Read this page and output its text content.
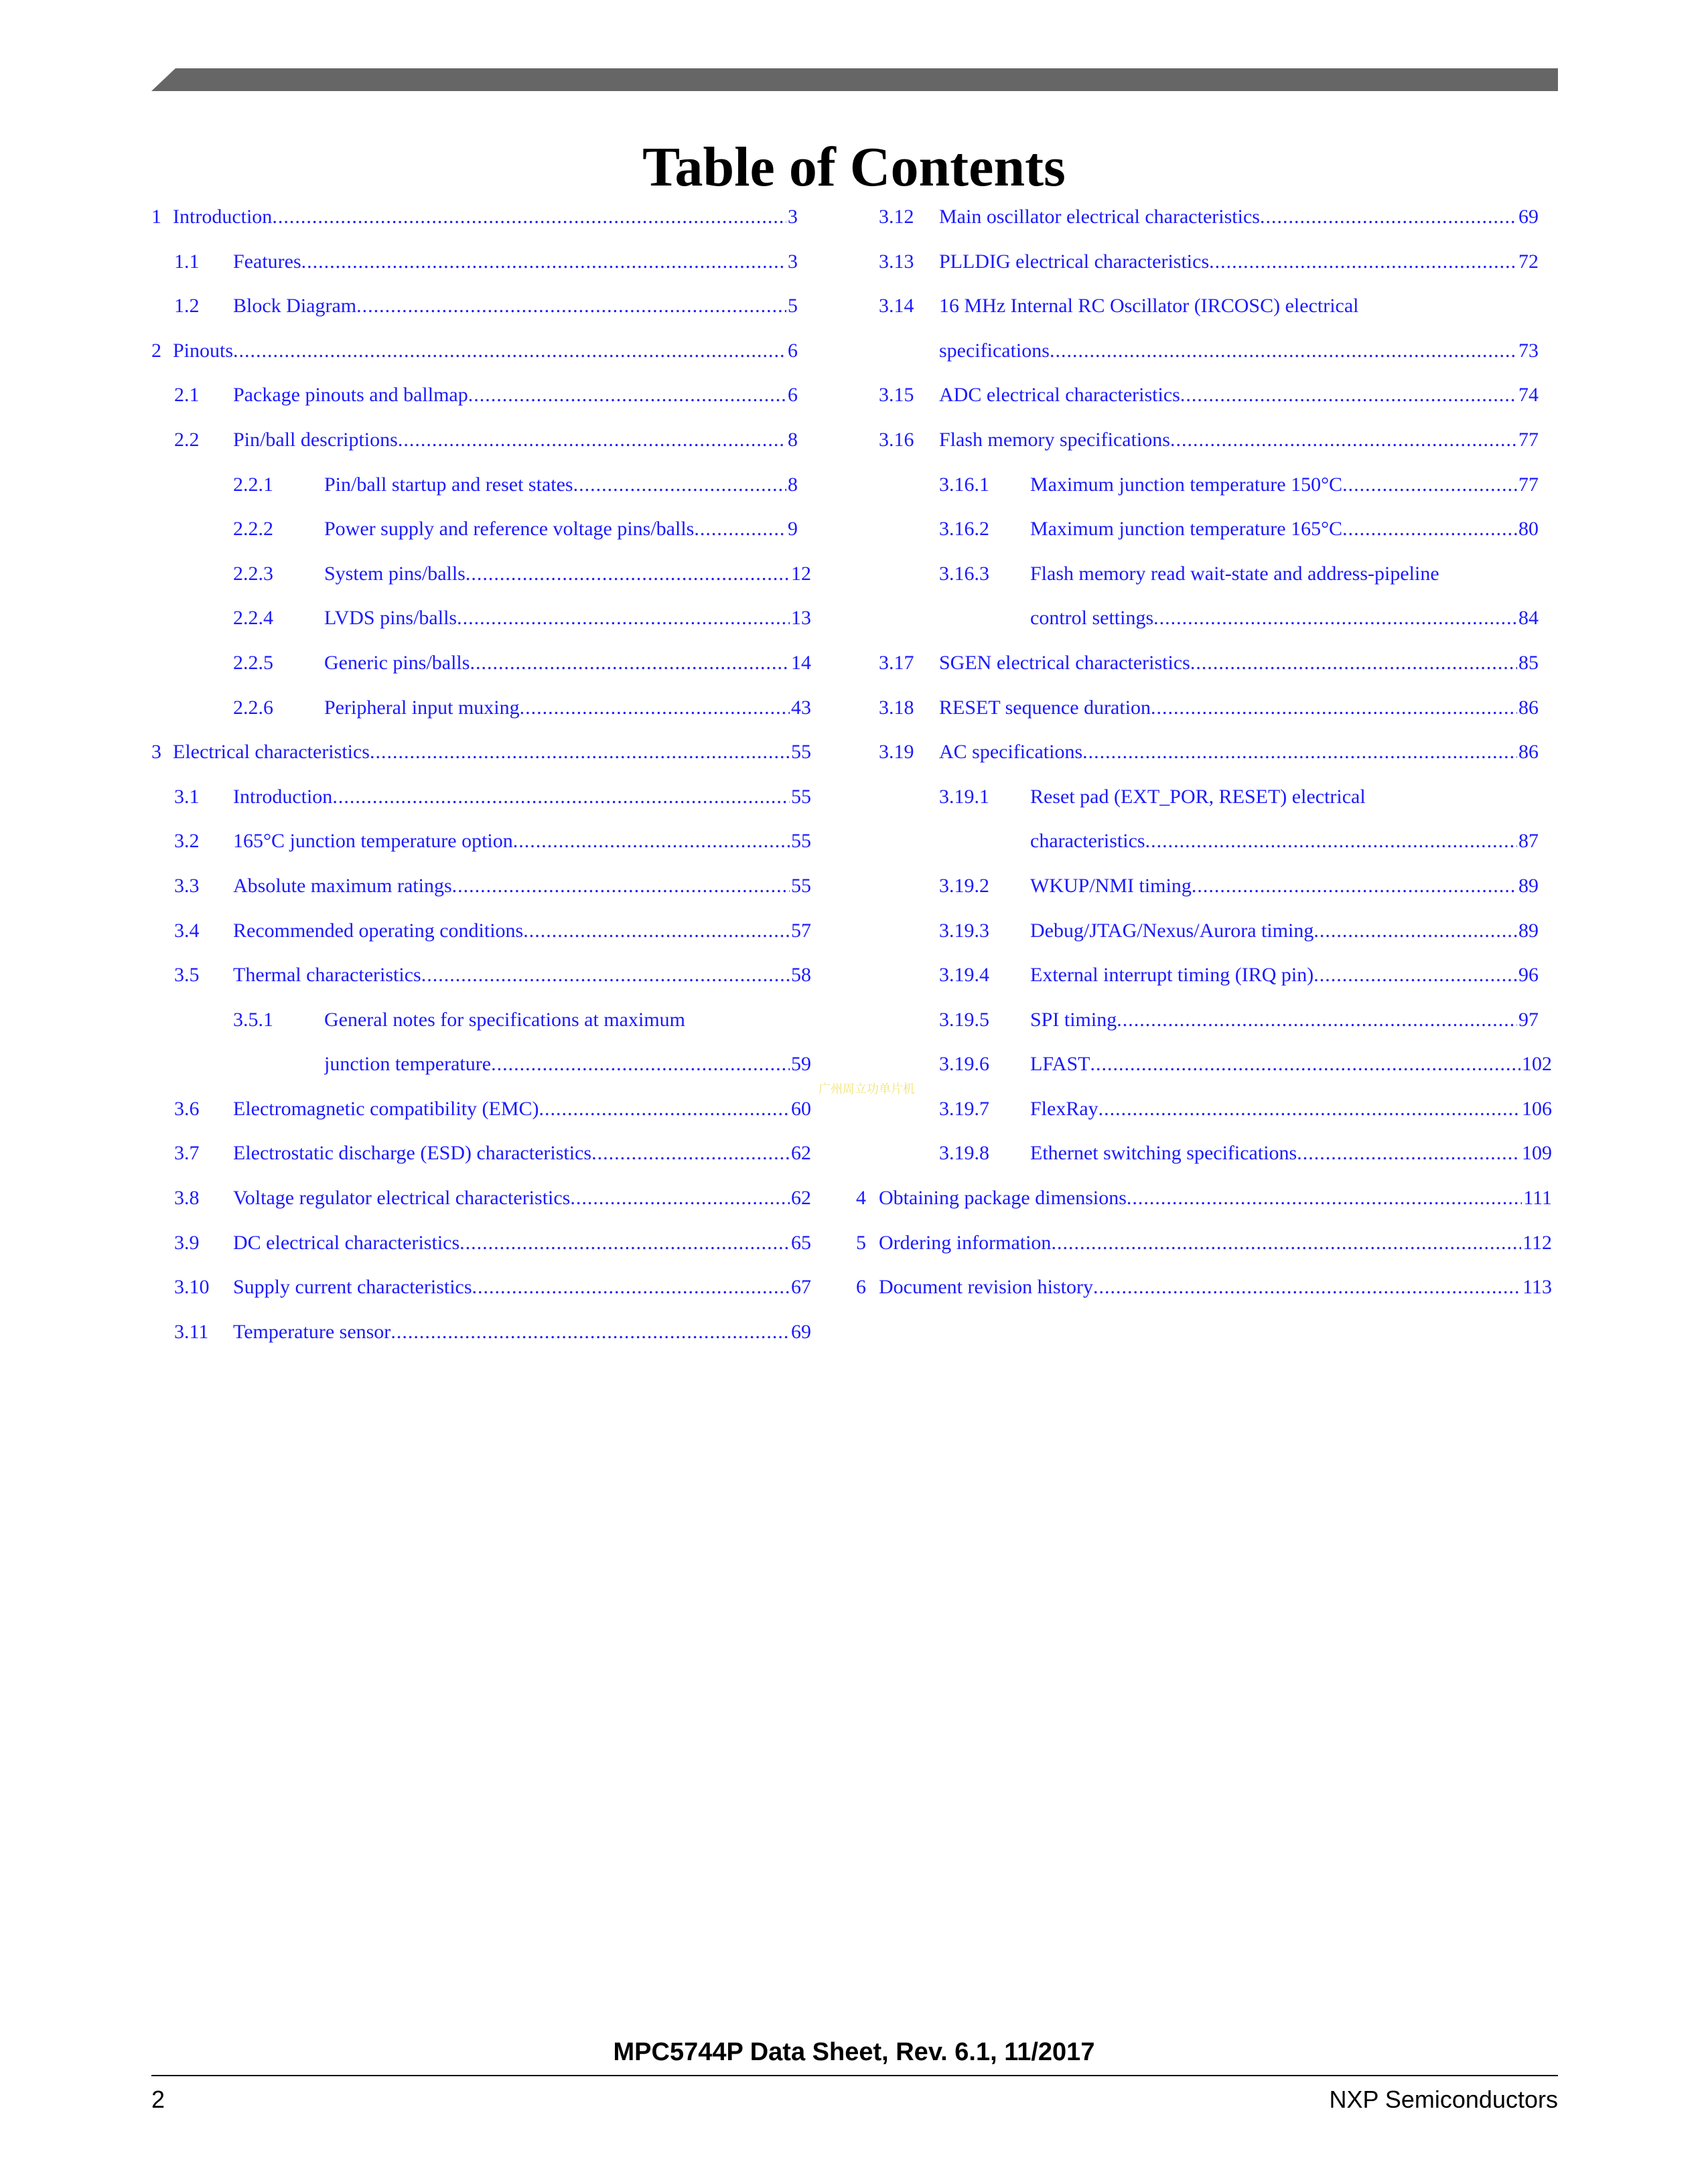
Table of Contents
1 Introduction .....	3
1.1 Features .....	3
1.2 Block Diagram .....	5
2 Pinouts .....	6
2.1 Package pinouts and ballmap .....	6
2.2 Pin/ball descriptions .....	8
2.2.1	Pin/ball startup and reset states .....	8
2.2.2	Power supply and reference voltage pins/balls .....	9
2.2.3	System pins/balls .....	12
2.2.4	LVDS pins/balls .....	13
2.2.5	Generic pins/balls .....	14
2.2.6	Peripheral input muxing .....	43
3 Electrical characteristics .....	55
3.1 Introduction .....	55
3.2 165°C junction temperature option .....	55
3.3 Absolute maximum ratings .....	55
3.4 Recommended operating conditions .....	57
3.5 Thermal characteristics .....	58
3.5.1	General notes for specifications at maximum
junction temperature .....	59
3.6 Electromagnetic compatibility (EMC) .....	60
3.7 Electrostatic discharge (ESD) characteristics .....	62
3.8 Voltage regulator electrical characteristics .....	62
3.9 DC electrical characteristics .....	65
3.10 Supply current characteristics .....	67
3.11 Temperature sensor .....	69
3.12 Main oscillator electrical characteristics .....	69
3.13 PLLDIG electrical characteristics .....	72
3.14 16 MHz Internal RC Oscillator (IRCOSC) electrical
specifications .....	73
3.15 ADC electrical characteristics .....	74
3.16 Flash memory specifications .....	77
3.16.1 Maximum junction temperature 150°C .....	77
3.16.2 Maximum junction temperature 165°C .....	80
3.16.3 Flash memory read wait-state and address-pipeline
control settings .....	84
3.17 SGEN electrical characteristics .....	85
3.18 RESET sequence duration .....	86
3.19 AC specifications .....	86
3.19.1 Reset pad (EXT_POR, RESET) electrical
characteristics .....	87
3.19.2 WKUP/NMI timing .....	89
3.19.3 Debug/JTAG/Nexus/Aurora timing .....	89
3.19.4 External interrupt timing (IRQ pin) .....	96
3.19.5 SPI timing .....	97
3.19.6 LFAST .....	102
3.19.7 FlexRay .....	106
3.19.8 Ethernet switching specifications .....	109
4 Obtaining package dimensions .....	111
5 Ordering information .....	112
6 Document revision history .....	113
广州周立功单片机
MPC5744P Data Sheet, Rev. 6.1, 11/2017
2	NXP Semiconductors
